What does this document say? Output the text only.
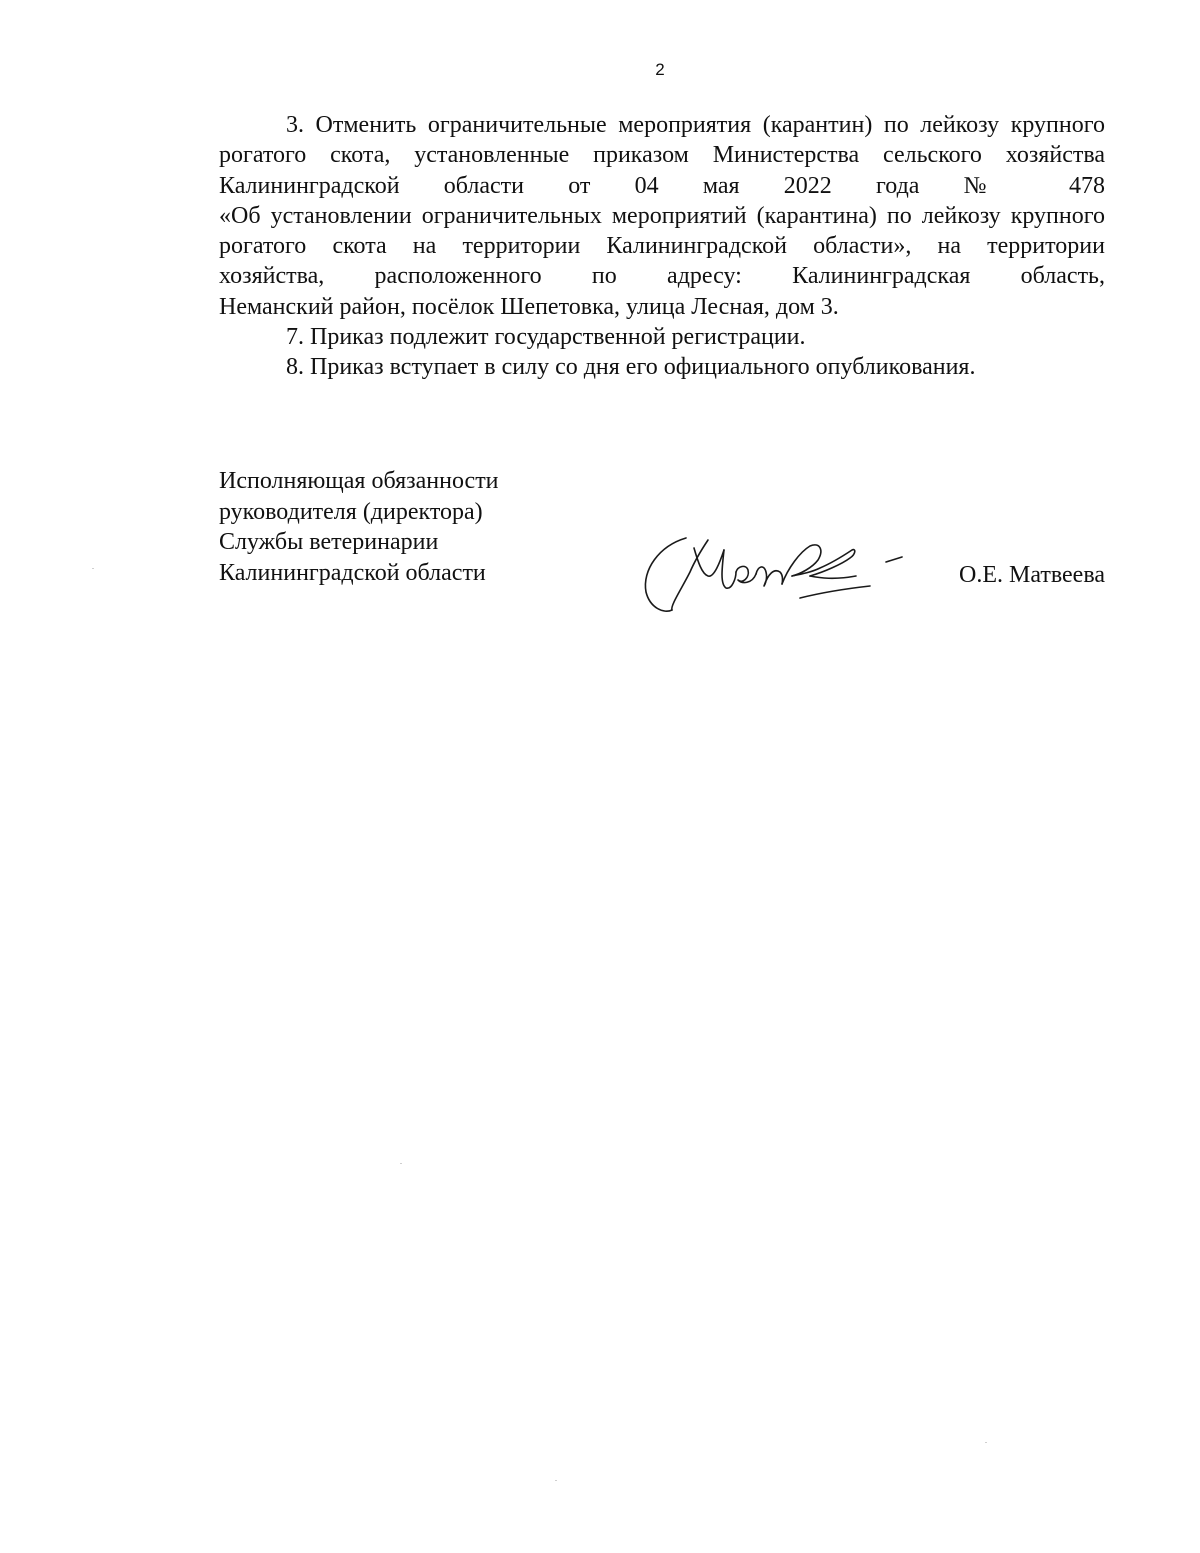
2
3. Отменить ограничительные мероприятия (карантин) по лейкозу крупного
рогатого скота, установленные приказом Министерства сельского хозяйства
Калининградской области от 04 мая 2022 года № 478
«Об установлении ограничительных мероприятий (карантина) по лейкозу крупного
рогатого скота на территории Калининградской области», на территории
хозяйства, расположенного по адресу: Калининградская область,
Неманский район, посёлок Шепетовка, улица Лесная, дом 3.

7. Приказ подлежит государственной регистрации.

8. Приказ вступает в силу со дня его официального опубликования.

Исполняющая обязанности
руководителя (директора)
Службы ветеринарии
Калининградской области	О.Е. Матвеева
